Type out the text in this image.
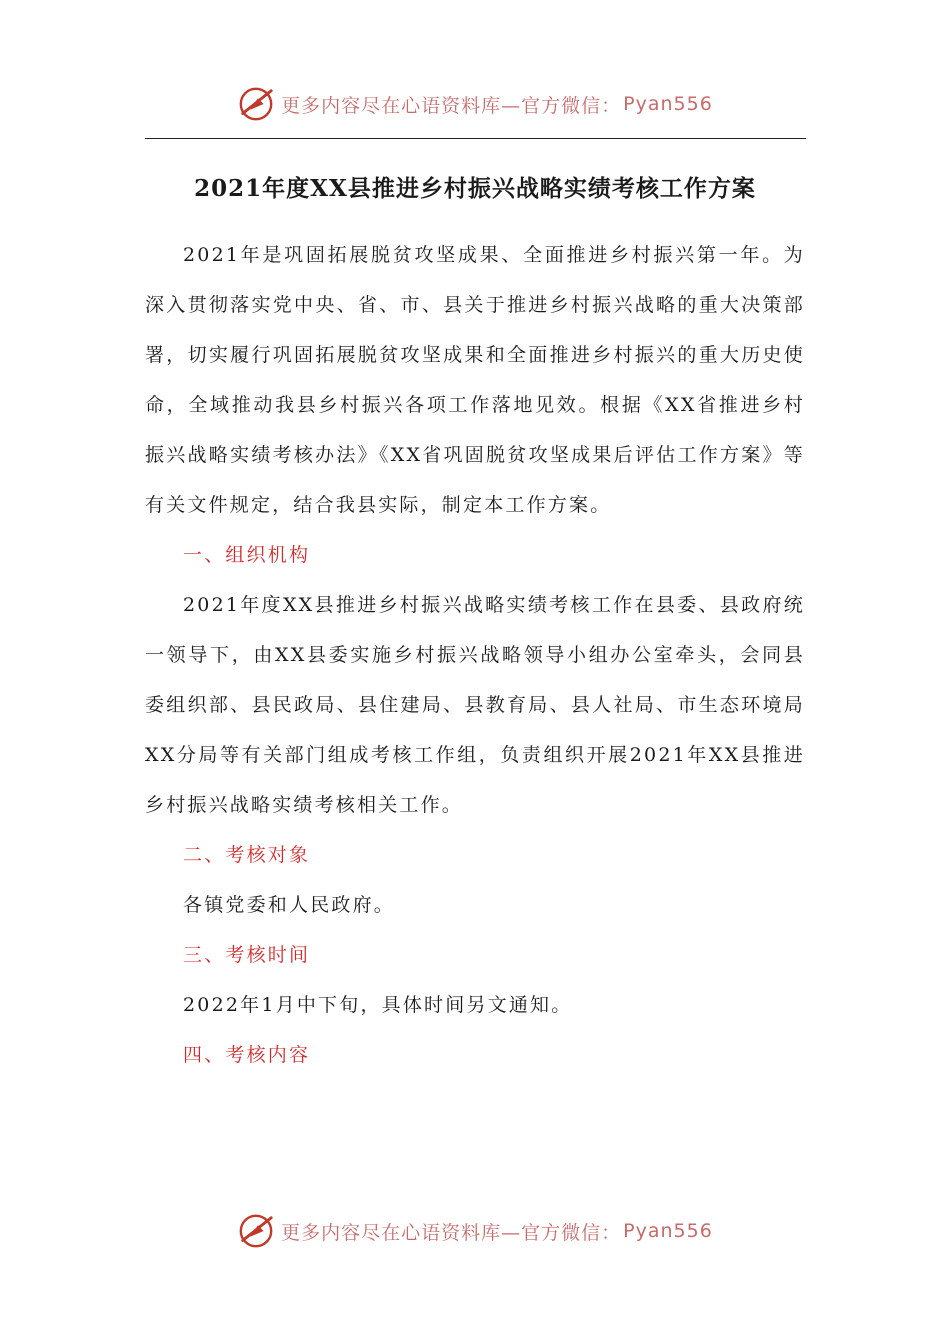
更多内容尽在心语资料库—官方微信： Pyan556
2021年度XX县推进乡村振兴战略实绩考核工作方案

2021年是巩固拓展脱贫攻坚成果、全面推进乡村振兴第一年。为深入贯彻落实党中央、省、市、县关于推进乡村振兴战略的重大决策部署，切实履行巩固拓展脱贫攻坚成果和全面推进乡村振兴的重大历史使命，全域推动我县乡村振兴各项工作落地见效。根据《XX省推进乡村振兴战略实绩考核办法》《XX省巩固脱贫攻坚成果后评估工作方案》等有关文件规定，结合我县实际，制定本工作方案。

一、组织机构

2021年度XX县推进乡村振兴战略实绩考核工作在县委、县政府统一领导下，由XX县委实施乡村振兴战略领导小组办公室牵头，会同县委组织部、县民政局、县住建局、县教育局、县人社局、市生态环境局XX分局等有关部门组成考核工作组，负责组织开展2021年XX县推进乡村振兴战略实绩考核相关工作。

二、考核对象

各镇党委和人民政府。

三、考核时间

2022年1月中下旬，具体时间另文通知。

四、考核内容

更多内容尽在心语资料库—官方微信： Pyan556
